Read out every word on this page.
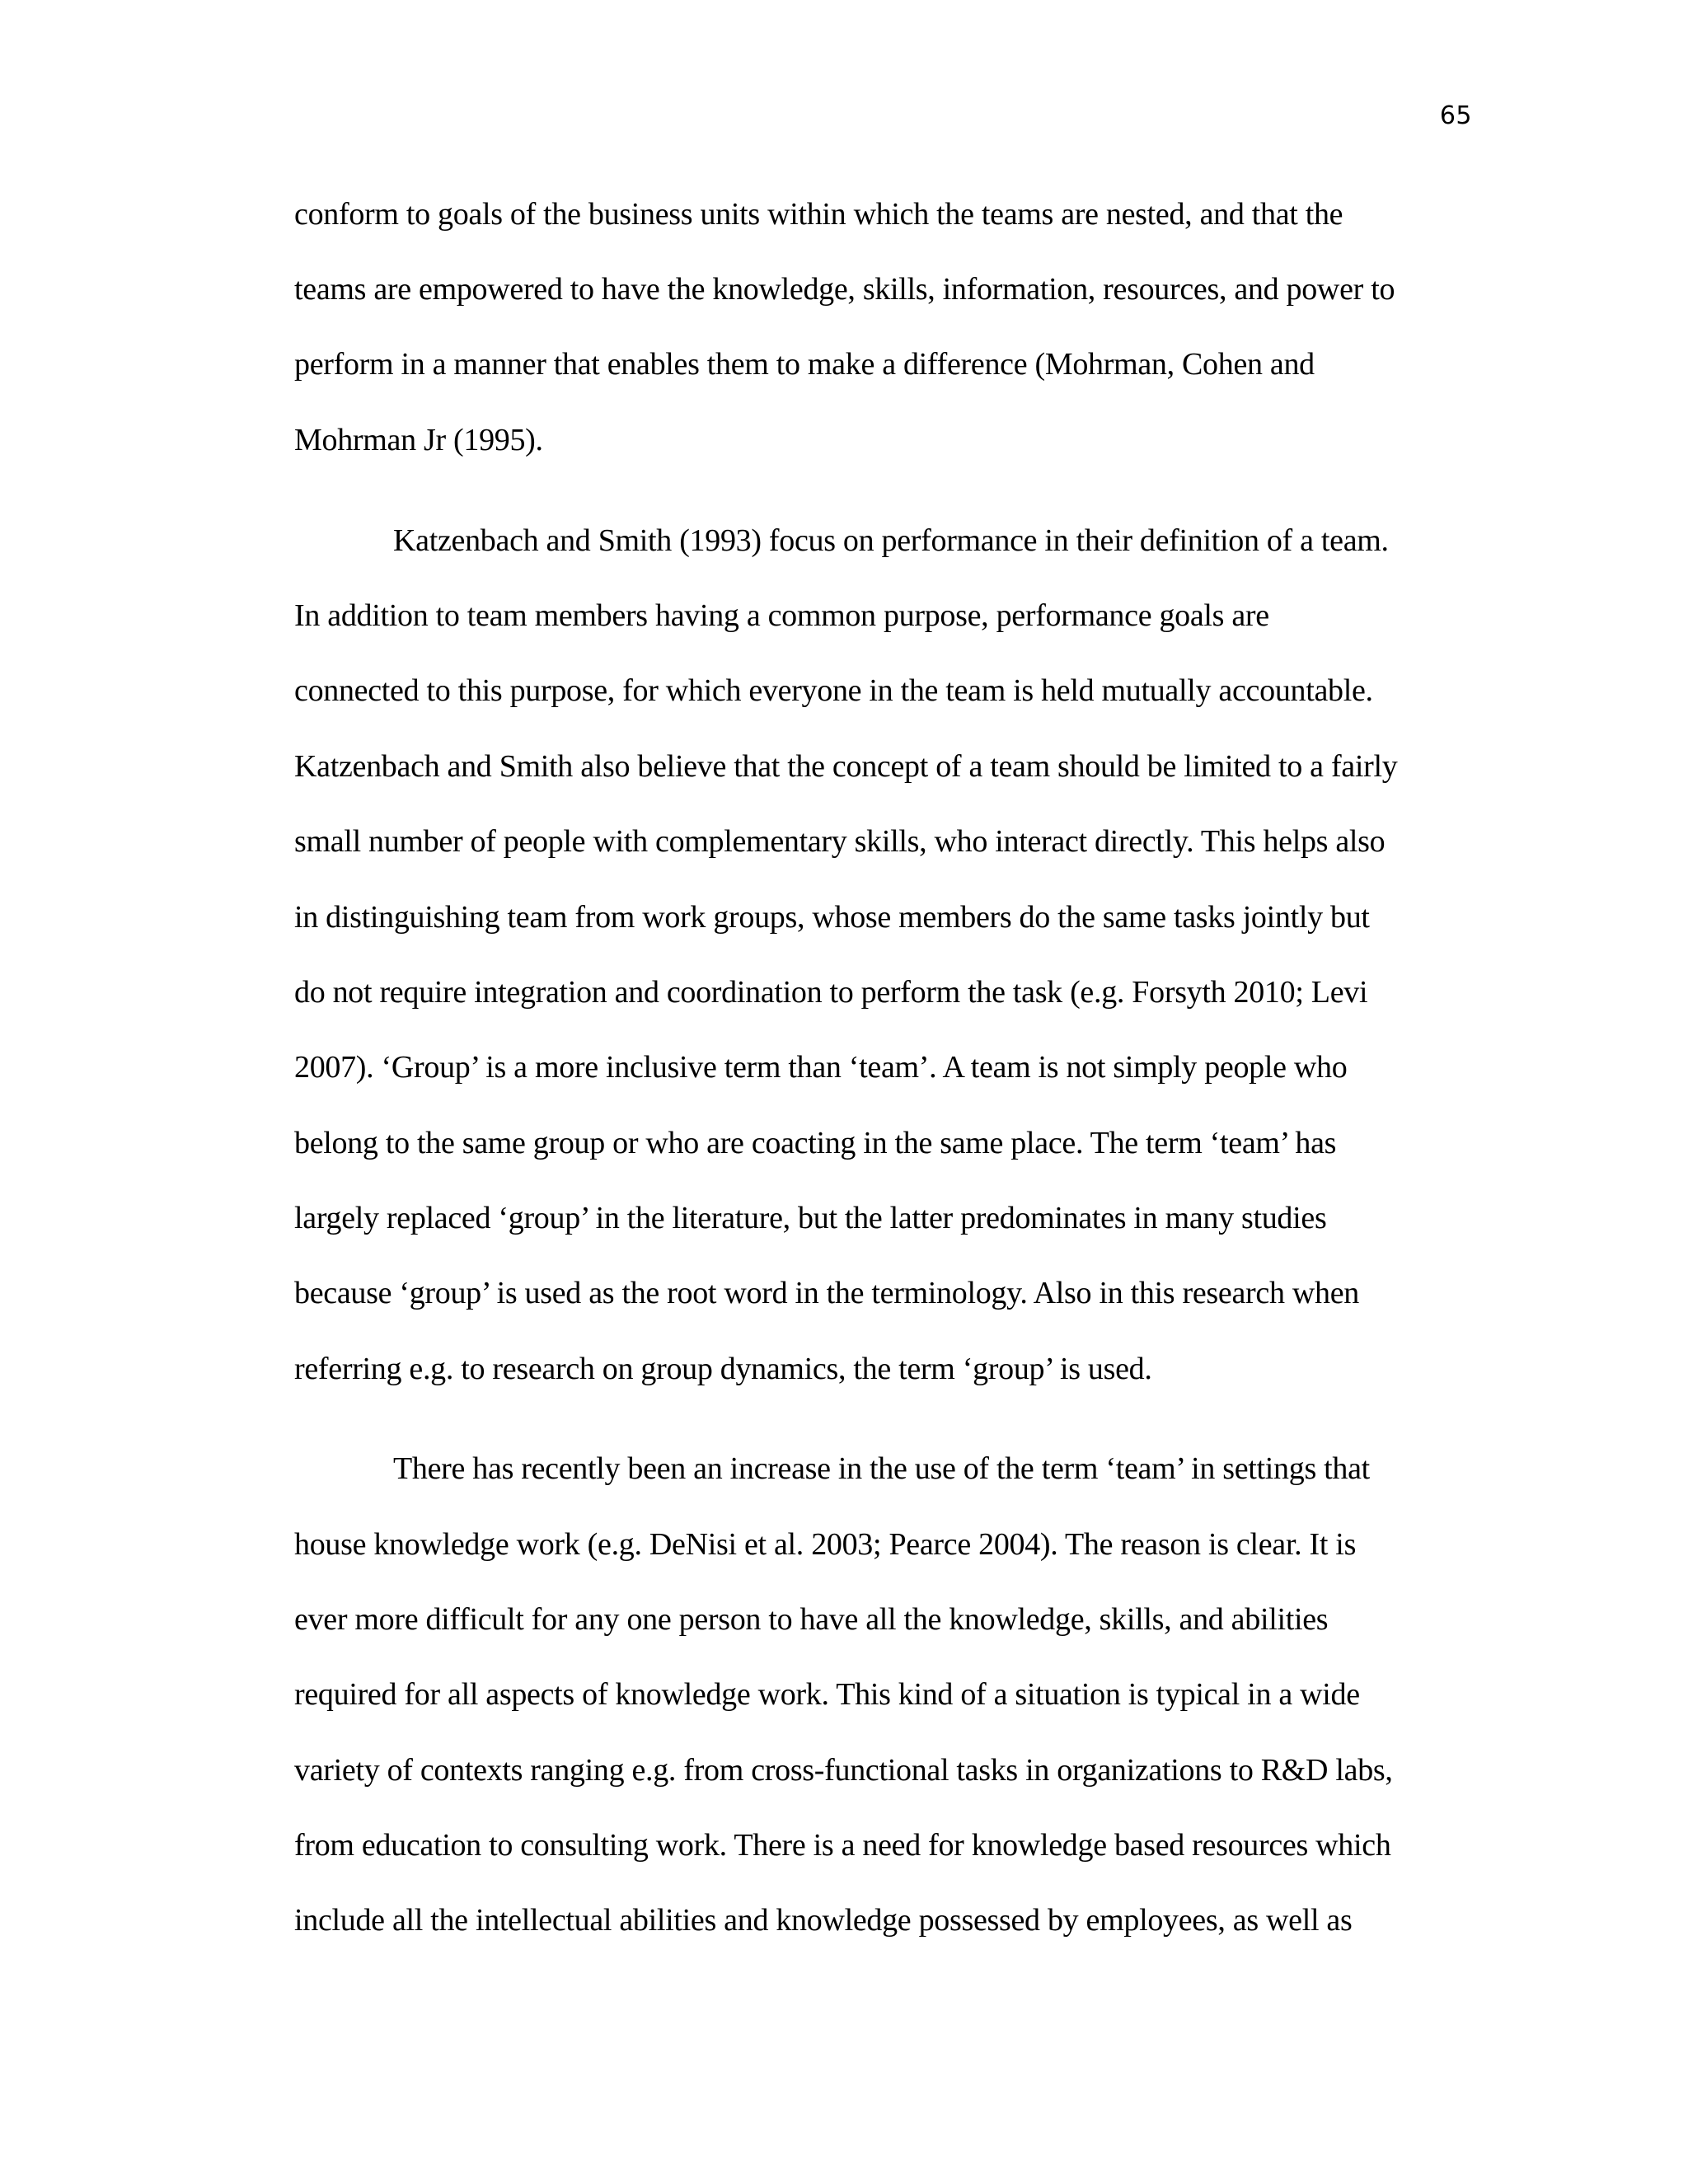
65
conform to goals of the business units within which the teams are nested, and that the
teams are empowered to have the knowledge, skills, information, resources, and power to
perform in a manner that enables them to make a difference (Mohrman, Cohen and
Mohrman Jr (1995).
Katzenbach and Smith (1993) focus on performance in their definition of a team.
In addition to team members having a common purpose, performance goals are
connected to this purpose, for which everyone in the team is held mutually accountable.
Katzenbach and Smith also believe that the concept of a team should be limited to a fairly
small number of people with complementary skills, who interact directly. This helps also
in distinguishing team from work groups, whose members do the same tasks jointly but
do not require integration and coordination to perform the task (e.g. Forsyth 2010; Levi
2007). ‘Group’ is a more inclusive term than ‘team’. A team is not simply people who
belong to the same group or who are coacting in the same place. The term ‘team’ has
largely replaced ‘group’ in the literature, but the latter predominates in many studies
because ‘group’ is used as the root word in the terminology. Also in this research when
referring e.g. to research on group dynamics, the term ‘group’ is used.
There has recently been an increase in the use of the term ‘team’ in settings that
house knowledge work (e.g. DeNisi et al. 2003; Pearce 2004). The reason is clear. It is
ever more difficult for any one person to have all the knowledge, skills, and abilities
required for all aspects of knowledge work. This kind of a situation is typical in a wide
variety of contexts ranging e.g. from cross-functional tasks in organizations to R&D labs,
from education to consulting work. There is a need for knowledge based resources which
include all the intellectual abilities and knowledge possessed by employees, as well as
